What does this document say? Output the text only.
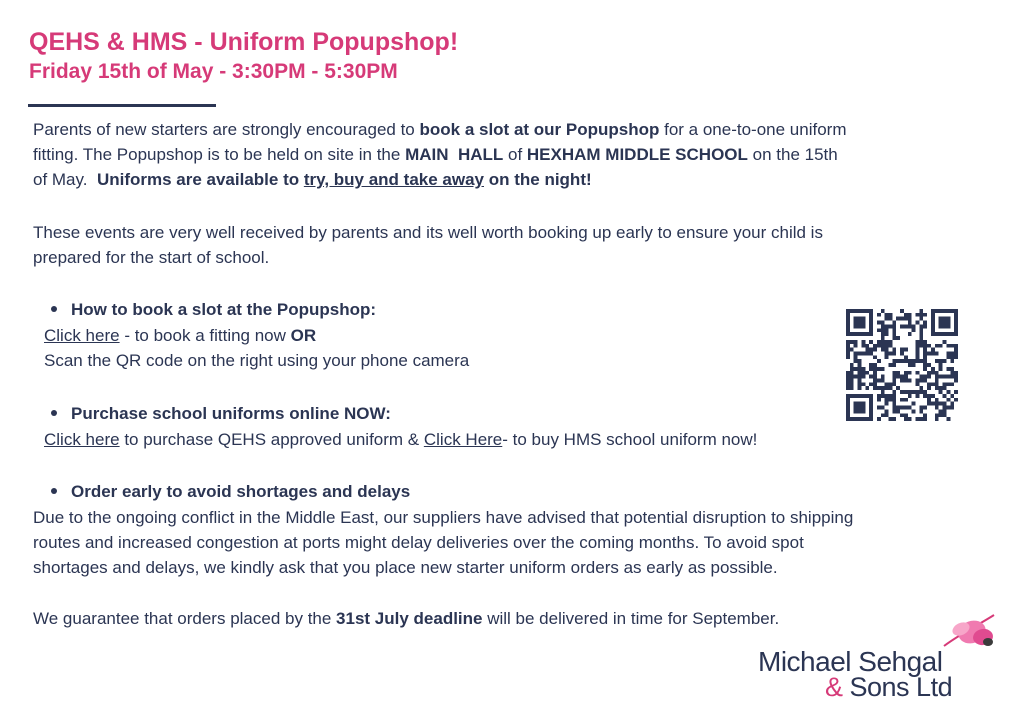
QEHS & HMS - Uniform Popupshop!
Friday 15th of May - 3:30PM - 5:30PM
Parents of new starters are strongly encouraged to book a slot at our Popupshop for a one-to-one uniform
fitting. The Popupshop is to be held on site in the MAIN  HALL of HEXHAM MIDDLE SCHOOL on the 15th
of May.  Uniforms are available to try, buy and take away on the night!
These events are very well received by parents and its well worth booking up early to ensure your child is
prepared for the start of school.
How to book a slot at the Popupshop:
Click here - to book a fitting now OR
Scan the QR code on the right using your phone camera
Purchase school uniforms online NOW:
Click here to purchase QEHS approved uniform & Click Here- to buy HMS school uniform now!
Order early to avoid shortages and delays
Due to the ongoing conflict in the Middle East, our suppliers have advised that potential disruption to shipping
routes and increased congestion at ports might delay deliveries over the coming months. To avoid spot
shortages and delays, we kindly ask that you place new starter uniform orders as early as possible.
We guarantee that orders placed by the 31st July deadline will be delivered in time for September.
Michael Sehgal
& Sons Ltd
